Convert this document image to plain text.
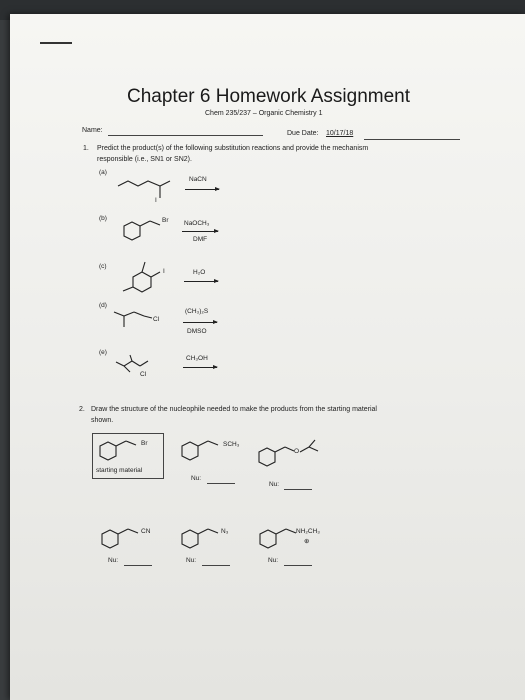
Chapter 6 Homework Assignment
Chem 235/237 – Organic Chemistry 1
Name:	Due Date: 10/17/18
1. Predict the product(s) of the following substitution reactions and provide the mechanism
responsible (i.e., SN1 or SN2).
(a)
I
NaCN
(b)	Br NaOCH₃
DMF
(c)
I	H₂O
(d)
Cl
(CH₃)₂S
DMSO
(e)
Cl
CH₃OH
2. Draw the structure of the nucleophile needed to make the products from the starting material
shown.
Br
starting material
SCH₃
Nu:
O
Nu:
CN
Nu:
N₃
Nu:
NH₂CH₃
⊕
Nu:
